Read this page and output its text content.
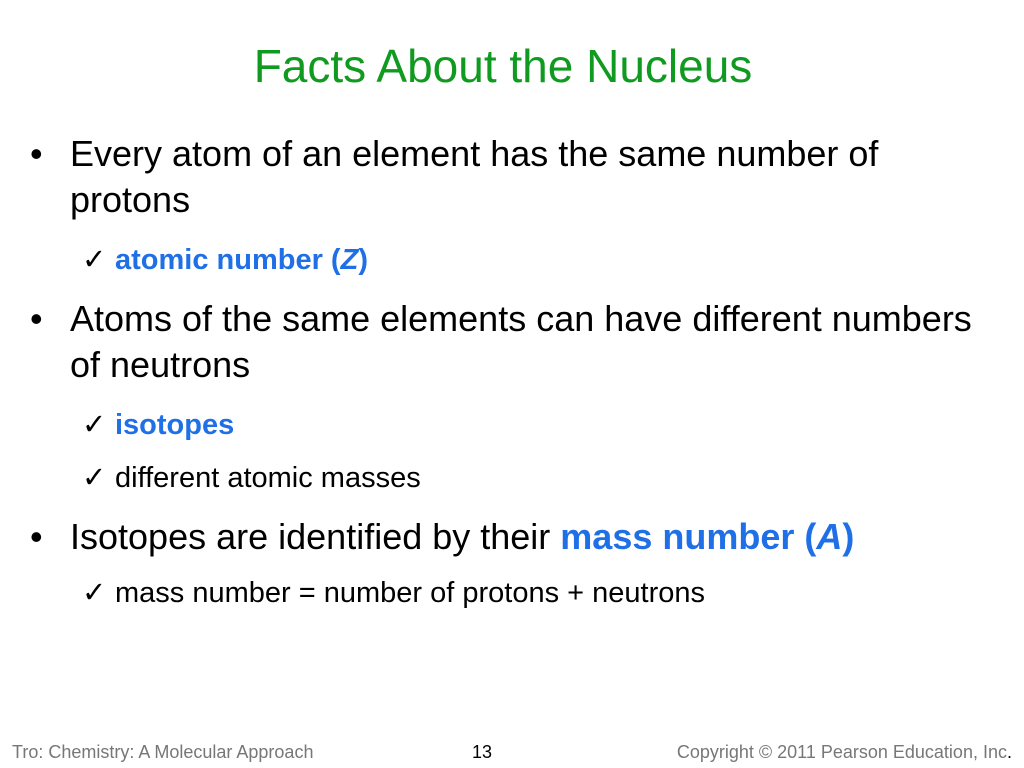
Facts About the Nucleus
• Every atom of an element has the same number of protons
✓ atomic number (Z)
• Atoms of the same elements can have different numbers of neutrons
✓ isotopes
✓ different atomic masses
• Isotopes are identified by their mass number (A)
✓ mass number = number of protons + neutrons
Tro: Chemistry: A Molecular Approach	13	Copyright © 2011 Pearson Education, Inc.
